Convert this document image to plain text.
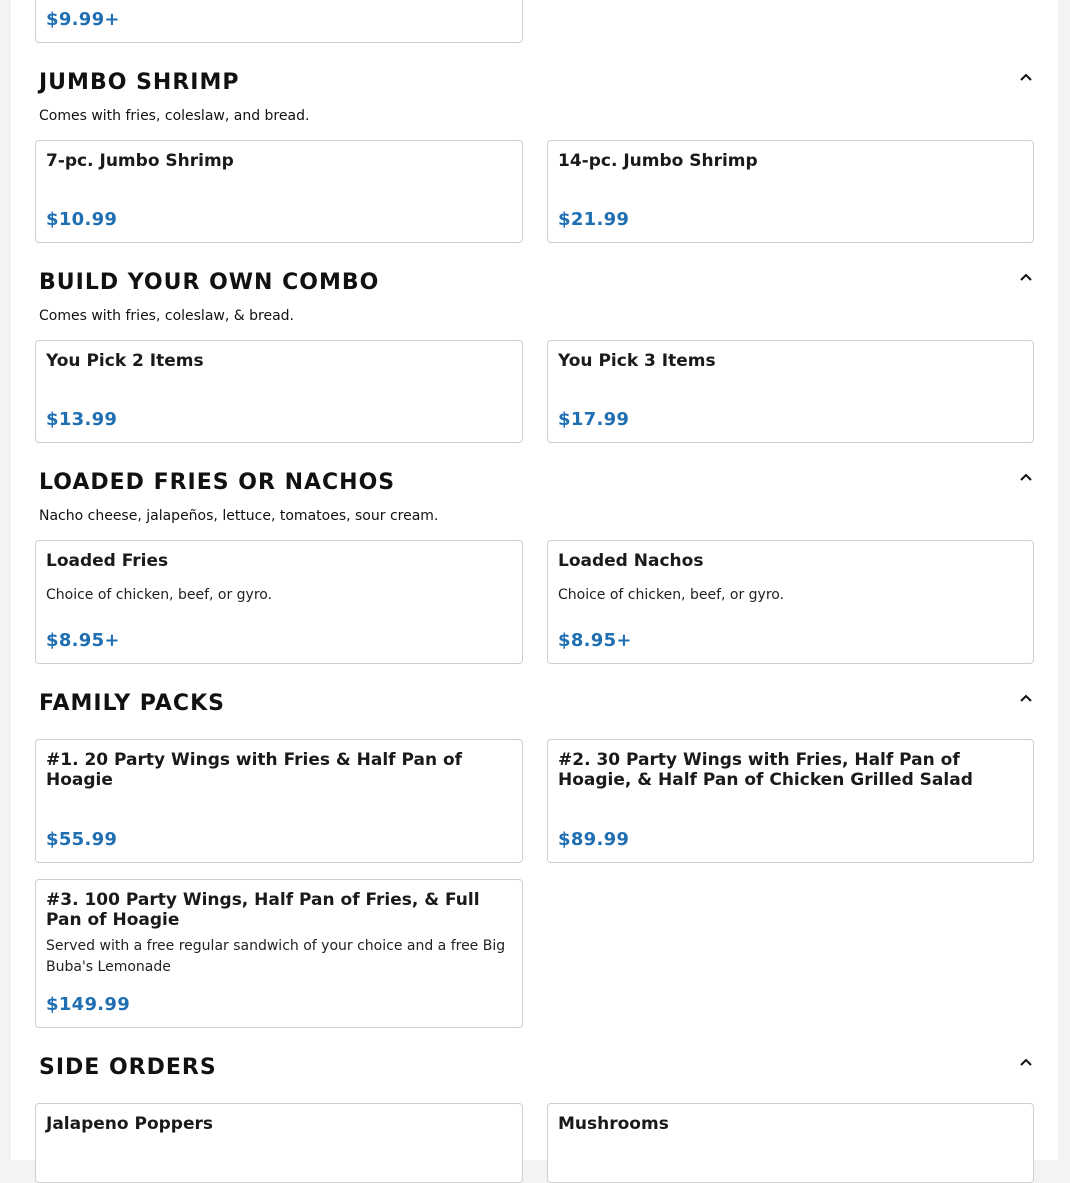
$9.99+
JUMBO SHRIMP
Comes with fries, coleslaw, and bread.
7-pc. Jumbo Shrimp
$10.99
14-pc. Jumbo Shrimp
$21.99
BUILD YOUR OWN COMBO
Comes with fries, coleslaw, & bread.
You Pick 2 Items
$13.99
You Pick 3 Items
$17.99
LOADED FRIES OR NACHOS
Nacho cheese, jalapeños, lettuce, tomatoes, sour cream.
Loaded Fries
Choice of chicken, beef, or gyro.
$8.95+
Loaded Nachos
Choice of chicken, beef, or gyro.
$8.95+
FAMILY PACKS
#1. 20 Party Wings with Fries & Half Pan of Hoagie
$55.99
#2. 30 Party Wings with Fries, Half Pan of Hoagie, & Half Pan of Chicken Grilled Salad
$89.99
#3. 100 Party Wings, Half Pan of Fries, & Full Pan of Hoagie
Served with a free regular sandwich of your choice and a free Big Buba's Lemonade
$149.99
SIDE ORDERS
Jalapeno Poppers	Mushrooms
